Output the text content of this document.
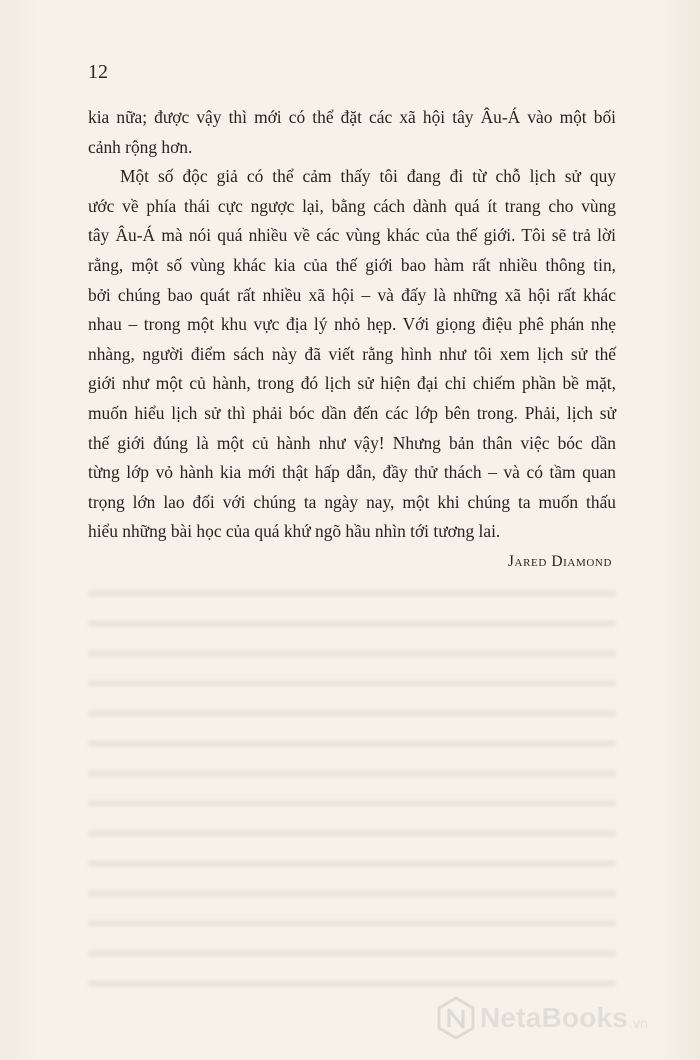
12
kia nữa; được vậy thì mới có thể đặt các xã hội tây Âu-Á vào một bối
cảnh rộng hơn.
Một số độc giả có thể cảm thấy tôi đang đi từ chỗ lịch sử quy
ước về phía thái cực ngược lại, bằng cách dành quá ít trang cho vùng
tây Âu-Á mà nói quá nhiều về các vùng khác của thế giới. Tôi sẽ trả lời
rằng, một số vùng khác kia của thế giới bao hàm rất nhiều thông tin,
bởi chúng bao quát rất nhiều xã hội – và đấy là những xã hội rất khác
nhau – trong một khu vực địa lý nhỏ hẹp. Với giọng điệu phê phán nhẹ
nhàng, người điểm sách này đã viết rằng hình như tôi xem lịch sử thế
giới như một củ hành, trong đó lịch sử hiện đại chỉ chiếm phần bề mặt,
muốn hiểu lịch sử thì phải bóc dần đến các lớp bên trong. Phải, lịch sử
thế giới đúng là một củ hành như vậy! Nhưng bản thân việc bóc dần
từng lớp vỏ hành kia mới thật hấp dẫn, đầy thử thách – và có tầm quan
trọng lớn lao đối với chúng ta ngày nay, một khi chúng ta muốn thấu
hiểu những bài học của quá khứ ngõ hầu nhìn tới tương lai.
Jared Diamond
NetaBooks .vn
